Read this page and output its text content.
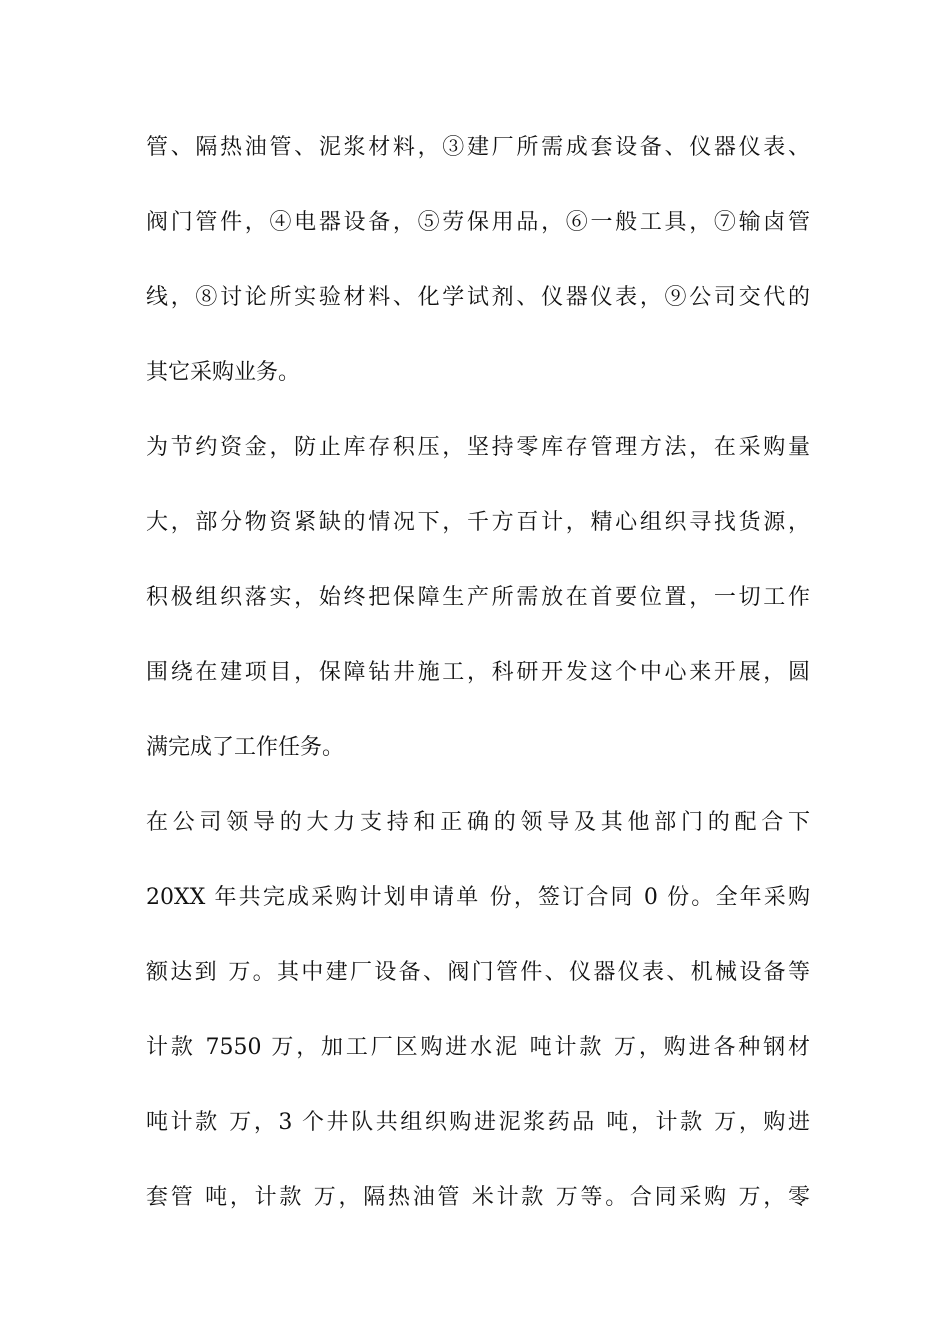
管、隔热油管、泥浆材料，③建厂所需成套设备、仪器仪表、
阀门管件，④电器设备，⑤劳保用品，⑥一般工具，⑦输卤管
线，⑧讨论所实验材料、化学试剂、仪器仪表，⑨公司交代的
其它采购业务。
为节约资金，防止库存积压，坚持零库存管理方法，在采购量
大，部分物资紧缺的情况下，千方百计，精心组织寻找货源，
积极组织落实，始终把保障生产所需放在首要位置，一切工作
围绕在建项目，保障钻井施工，科研开发这个中心来开展，圆
满完成了工作任务。
在公司领导的大力支持和正确的领导及其他部门的配合下
20XX 年共完成采购计划申请单 份，签订合同 0 份。全年采购
额达到 万。其中建厂设备、阀门管件、仪器仪表、机械设备等
计款 7550 万，加工厂区购进水泥 吨计款 万，购进各种钢材
吨计款 万，3 个井队共组织购进泥浆药品 吨，计款 万，购进
套管 吨，计款 万，隔热油管 米计款 万等。合同采购 万，零
